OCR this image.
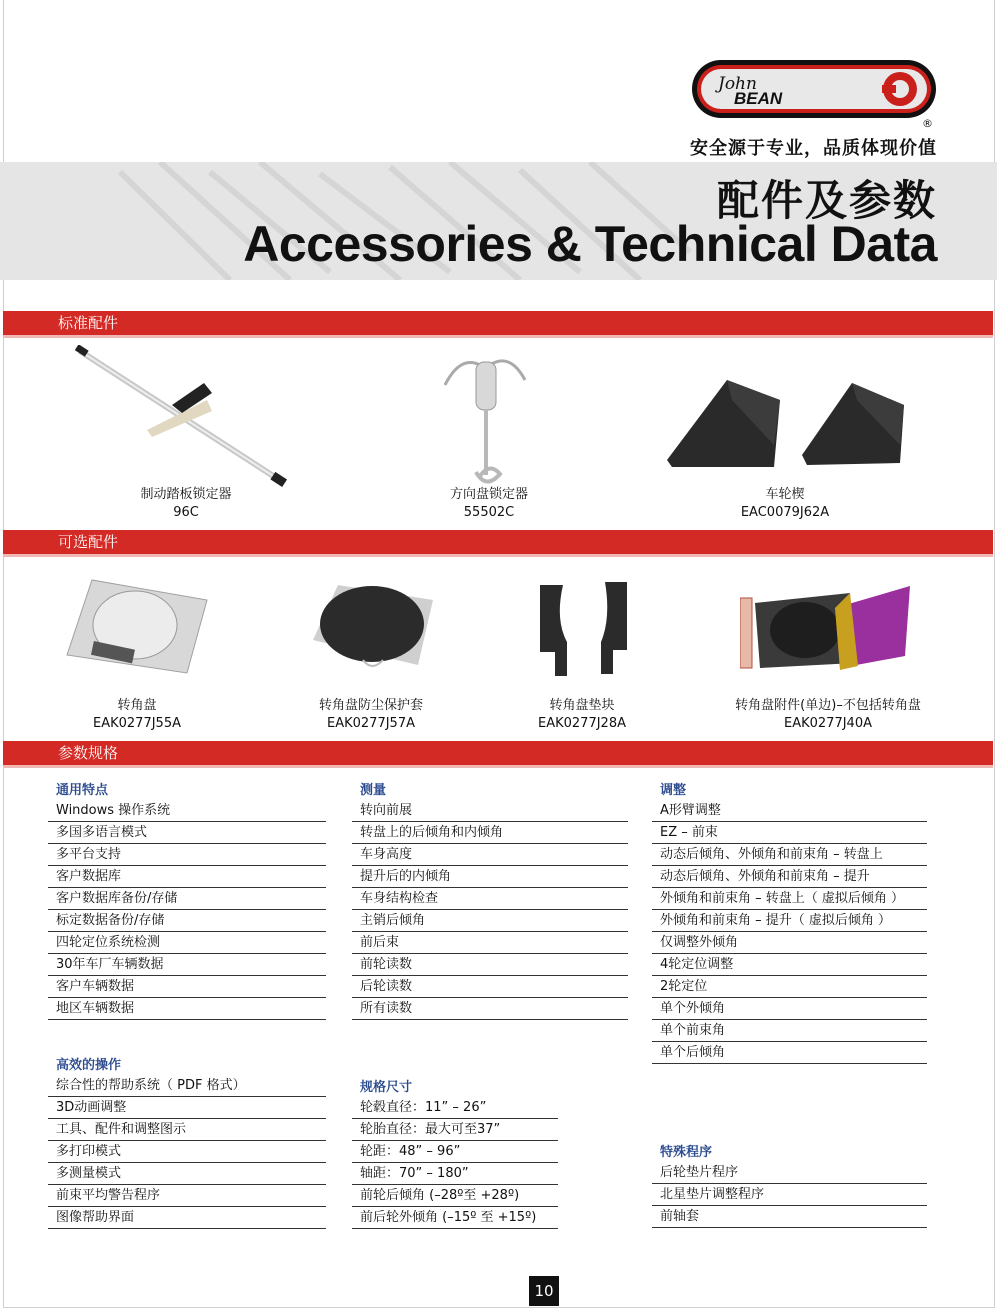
John
BEAN
®
安全源于专业，品质体现价值
配件及参数
Accessories & Technical Data
标准配件
制动踏板锁定器
96C
方向盘锁定器
55502C
车轮楔
EAC0079J62A
可选配件
转角盘
EAK0277J55A
转角盘防尘保护套
EAK0277J57A
转角盘垫块
EAK0277J28A
转角盘附件(单边)–不包括转角盘
EAK0277J40A
参数规格
通用特点
Windows 操作系统
多国多语言模式
多平台支持
客户数据库
客户数据库备份/存储
标定数据备份/存储
四轮定位系统检测
30年车厂车辆数据
客户车辆数据
地区车辆数据
高效的操作
综合性的帮助系统（ PDF 格式）
3D动画调整
工具、配件和调整图示
多打印模式
多测量模式
前束平均警告程序
图像帮助界面
测量
转向前展
转盘上的后倾角和内倾角
车身高度
提升后的内倾角
车身结构检查
主销后倾角
前后束
前轮读数
后轮读数
所有读数
规格尺寸
轮毂直径：11” – 26”
轮胎直径：最大可至37”
轮距：48” – 96”
轴距：70” – 180”
前轮后倾角 (–28º至 +28º)
前后轮外倾角 (–15º 至 +15º)
调整
A形臂调整
EZ – 前束
动态后倾角、外倾角和前束角 – 转盘上
动态后倾角、外倾角和前束角 – 提升
外倾角和前束角 – 转盘上（ 虚拟后倾角 ）
外倾角和前束角 – 提升（ 虚拟后倾角 ）
仅调整外倾角
4轮定位调整
2轮定位
单个外倾角
单个前束角
单个后倾角
特殊程序
后轮垫片程序
北星垫片调整程序
前轴套
10
